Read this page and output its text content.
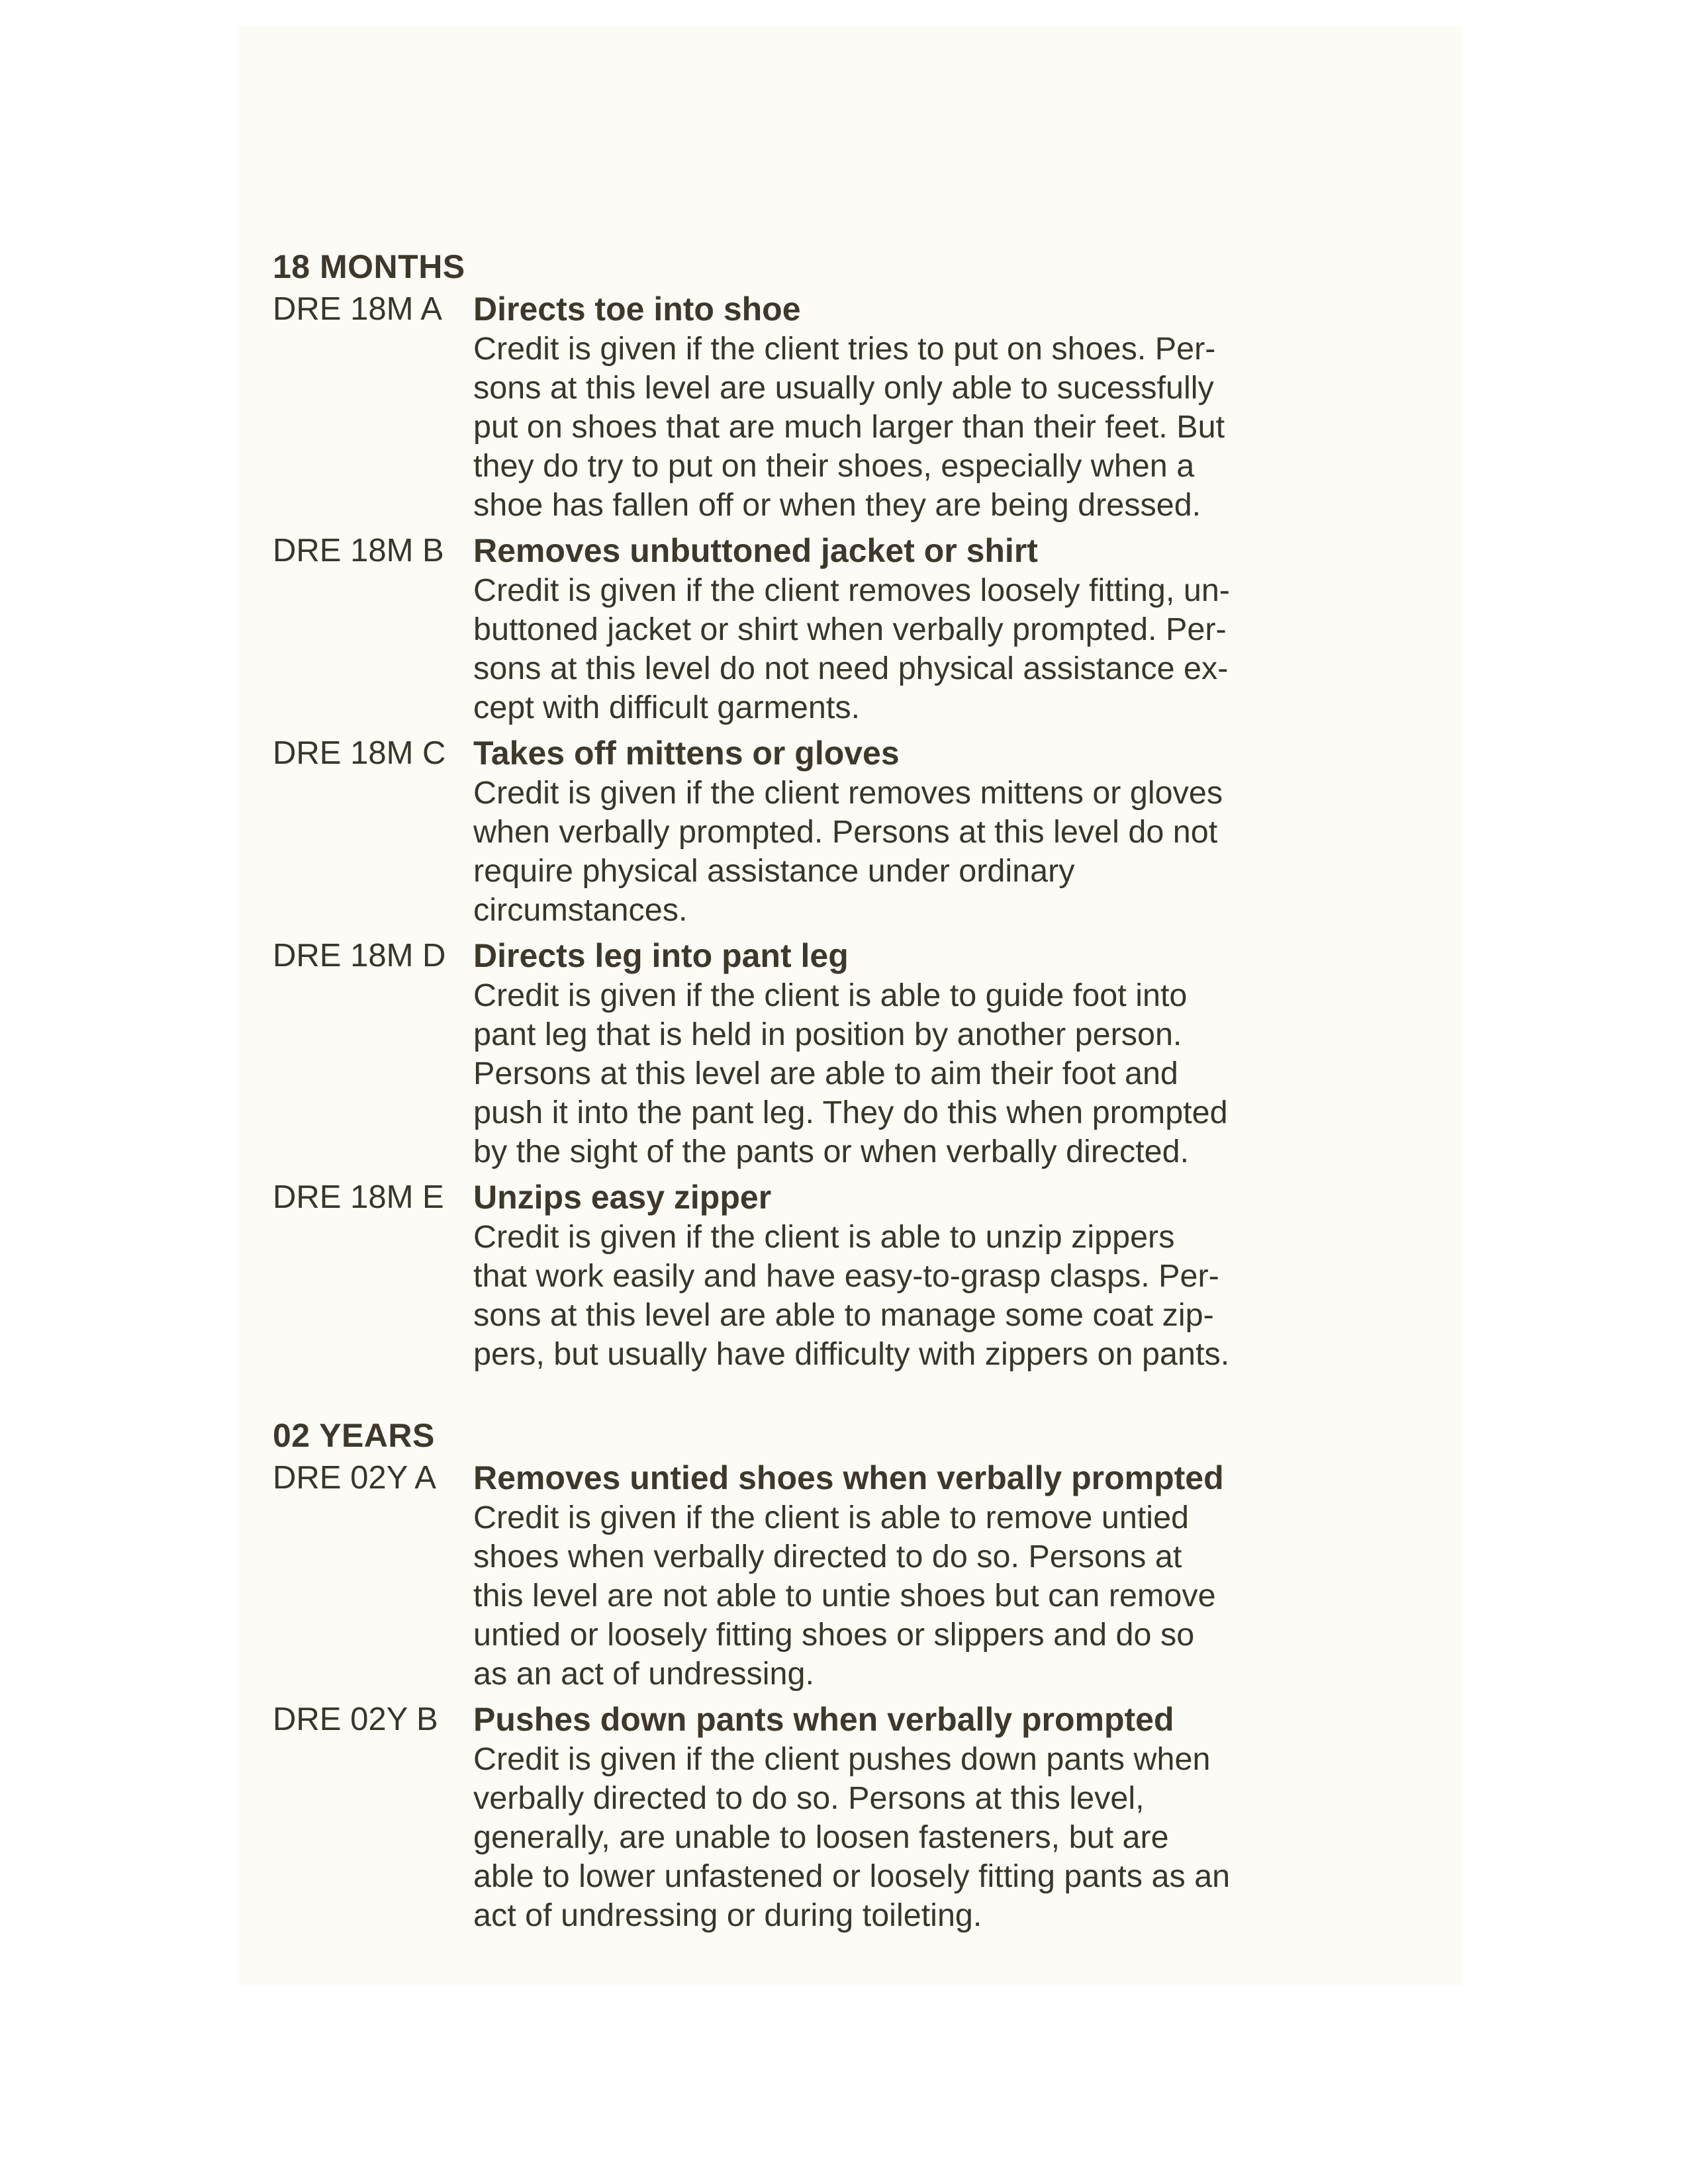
18 MONTHS
DRE 18M A Directs toe into shoe
Credit is given if the client tries to put on shoes. Per-
sons at this level are usually only able to sucessfully
put on shoes that are much larger than their feet. But
they do try to put on their shoes, especially when a
shoe has fallen off or when they are being dressed.
DRE 18M B Removes unbuttoned jacket or shirt
Credit is given if the client removes loosely fitting, un-
buttoned jacket or shirt when verbally prompted. Per-
sons at this level do not need physical assistance ex-
cept with difficult garments.
DRE 18M C Takes off mittens or gloves
Credit is given if the client removes mittens or gloves
when verbally prompted. Persons at this level do not
require physical assistance under ordinary
circumstances.
DRE 18M D Directs leg into pant leg
Credit is given if the client is able to guide foot into
pant leg that is held in position by another person.
Persons at this level are able to aim their foot and
push it into the pant leg. They do this when prompted
by the sight of the pants or when verbally directed.
DRE 18M E Unzips easy zipper
Credit is given if the client is able to unzip zippers
that work easily and have easy-to-grasp clasps. Per-
sons at this level are able to manage some coat zip-
pers, but usually have difficulty with zippers on pants.
02 YEARS
DRE 02Y A	Removes untied shoes when verbally prompted
Credit is given if the client is able to remove untied
shoes when verbally directed to do so. Persons at
this level are not able to untie shoes but can remove
untied or loosely fitting shoes or slippers and do so
as an act of undressing.
DRE 02Y B	Pushes down pants when verbally prompted
Credit is given if the client pushes down pants when
verbally directed to do so. Persons at this level,
generally, are unable to loosen fasteners, but are
able to lower unfastened or loosely fitting pants as an
act of undressing or during toileting.
